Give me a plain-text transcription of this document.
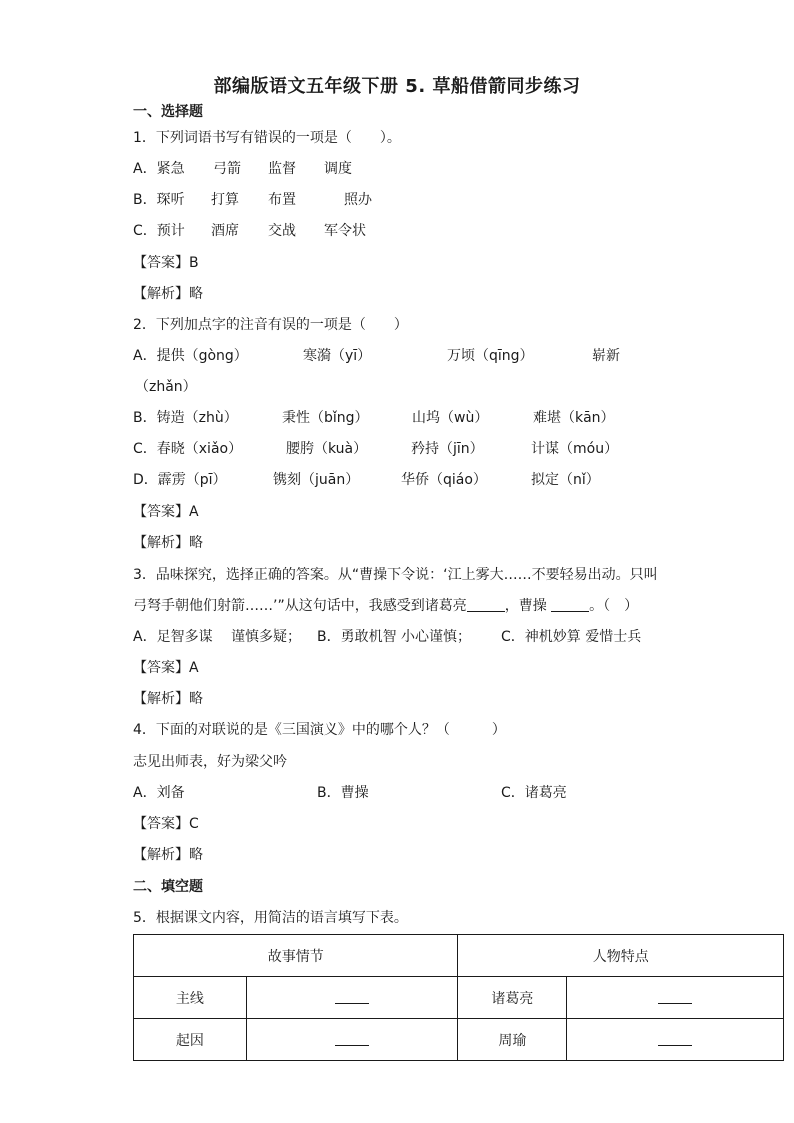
部编版语文五年级下册 5. 草船借箭同步练习
一、选择题
1．下列词语书写有错误的一项是（　　）。
A．紧急 弓箭 监督 调度
B．琛听 打算 布置	照办
C．预计 酒席 交战 军令状
【答案】B
【解析】略
2．下列加点字的注音有误的一项是（　　）
A．提供（gòng）	寒漪（yī）	万顷（qīng）	崭新
（zhǎn）
B．铸造（zhù）	秉性（bǐng）	山坞（wù）	难堪（kān）
C．春晓（xiǎo）	腰胯（kuà）	矜持（jīn）	计谋（móu）
D．霹雳（pī）	镌刻（juān）	华侨（qiáo）	拟定（nǐ）
【答案】A
【解析】略
3．品味探究，选择正确的答案。从“曹操下令说：‘江上雾大……不要轻易出动。只叫
弓弩手朝他们射箭……’”从这句话中，我感受到诸葛亮	，曹操	。（　）
A．足智多谋　 谨慎多疑； B．勇敢机智 小心谨慎； C．神机妙算 爱惜士兵
【答案】A
【解析】略
4．下面的对联说的是《三国演义》中的哪个人？（　　　）
志见出师表，好为梁父吟
A．刘备	B．曹操	C．诸葛亮
【答案】C
【解析】略
二、填空题
5．根据课文内容，用简洁的语言填写下表。
故事情节		人物特点	
主线		诸葛亮	
起因		周瑜	
